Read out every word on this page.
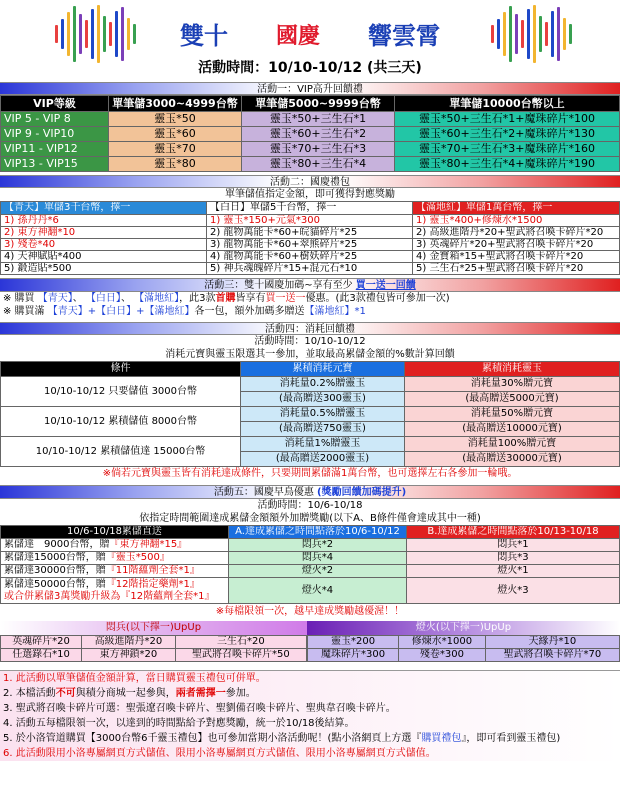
雙十 國慶 響雲霄
活動時間：10/10-10/12 (共三天)
活動一：VIP高升回饋禮
VIP等級	單筆儲3000~4999台幣	單筆儲5000~9999台幣	單筆儲10000台幣以上
VIP 5 - VIP 8	靈玉*50	靈玉*50+三生石*1	靈玉*50+三生石*1+魔珠碎片*100
VIP 9 - VIP10	靈玉*60	靈玉*60+三生石*2	靈玉*60+三生石*2+魔珠碎片*130
VIP11 - VIP12	靈玉*70	靈玉*70+三生石*3	靈玉*70+三生石*3+魔珠碎片*160
VIP13 - VIP15	靈玉*80	靈玉*80+三生石*4	靈玉*80+三生石*4+魔珠碎片*190
活動二：國慶禮包
單筆儲值指定金額，即可獲得對應獎勵
【青天】單儲3千台幣，擇一	【白日】單儲5千台幣，擇一	【滿地紅】單儲1萬台幣，擇一
1) 孫丹丹*6	1) 靈玉*150+元氣*300	1) 靈玉*400+修煉水*1500
2) 東方神翻*10	2) 龍物萬能卡*60+皖貓碎片*25	2) 高級進階丹*20+聖武將召喚卡碎片*20
3) 殘卷*40	3) 龍物萬能卡*60+翠熊碎片*25	3) 英魂碎片*20+聖武將召喚卡碎片*20
4) 天神賦貼*400	4) 龍物萬能卡*60+樹妖碎片*25	4) 金寶箱*15+聖武將召喚卡碎片*20
5) 鍛造貼*500	5) 神兵魂魄碎片*15+混元石*10	5) 三生石*25+聖武將召喚卡碎片*20
活動三：雙十國慶加碼~享有至少 買一送一回饋
※ 購買 【青天】、 【白日】、 【滿地紅】，此3款首購皆享有買一送一優惠。(此3款禮包皆可參加一次)
※ 購買滿 【青天】+【白日】+【滿地紅】各一包，額外加碼多贈送【滿地紅】*1
活動四：消耗回饋禮
活動時間：10/10-10/12
消耗元寶與靈玉限選其一參加，並取最高累儲金額的%數計算回饋
條件	累積消耗元寶	累積消耗靈玉
10/10-10/12 只要儲值 3000台幣	消耗量0.2%贈靈玉	消耗量30%贈元寶
	(最高贈送300靈玉)	(最高贈送5000元寶)
10/10-10/12 累積儲值 8000台幣	消耗量0.5%贈靈玉	消耗量50%贈元寶
	(最高贈送750靈玉)	(最高贈送10000元寶)
10/10-10/12 累積儲值達 15000台幣	消耗量1%贈靈玉	消耗量100%贈元寶
	(最高贈送2000靈玉)	(最高贈送30000元寶)
※倘若元寶與靈玉皆有消耗達成條件，只要期間累儲滿1萬台幣，也可選擇左右各參加一輪哦。
活動五：國慶早鳥優惠 (獎勵回饋加碼提升)
活動時間：10/6-10/18
依指定時間範圍達成累儲金額額外加贈獎勵(以下A、B條件僅會達成其中一種)
10/6-10/18累儲直送	A.達成累儲之時間點落於10/6-10/12	B.達成累儲之時間點落於10/13-10/18
累儲達　9000台幣，贈『東方神翻*15』	悶兵*2	悶兵*1
累儲達15000台幣，贈『靈玉*500』	悶兵*4	悶兵*3
累儲達30000台幣，贈『11階蘊劑全套*1』	燈火*2	燈火*1
累儲達50000台幣，贈『12階指定藥劑*1』
或合併累儲3萬獎勵升級為『12階蘊劑全套*1』	燈火*4	燈火*3
※每檔限領一次，越早達成獎勵越優渥！！
悶兵(以下擇一)UpUp
英魂碎片*20	高級進階丹*20	三生石*20
任選錄石*10	東方神鎖*20	聖武將召喚卡碎片*50
燈火(以下擇一)UpUp
靈玉*200	修煉水*1000	天緣丹*10
魔珠碎片*300	殘卷*300	聖武將召喚卡碎片*70
1. 此活動以單筆儲值金額計算，當日購買靈玉禮包可併單。
2. 本檔活動不可與積分商城一起參與，兩者需擇一參加。
3. 聖武將召喚卡碎片可選：聖張遼召喚卡碎片、聖劉備召喚卡碎片、聖典韋召喚卡碎片。
4. 活動五每檔限領一次，以達到的時間點給予對應獎勵，統一於10/18後結算。
5. 於小洛管道購買【3000台幣6千靈玉禮包】也可參加當期小洛活動呢！(點小洛網頁上方選『購買禮包』，即可看到靈玉禮包)
6. 此活動限用小洛專屬網頁方式儲值、限用小洛專屬網頁方式儲值、限用小洛專屬網頁方式儲值。
